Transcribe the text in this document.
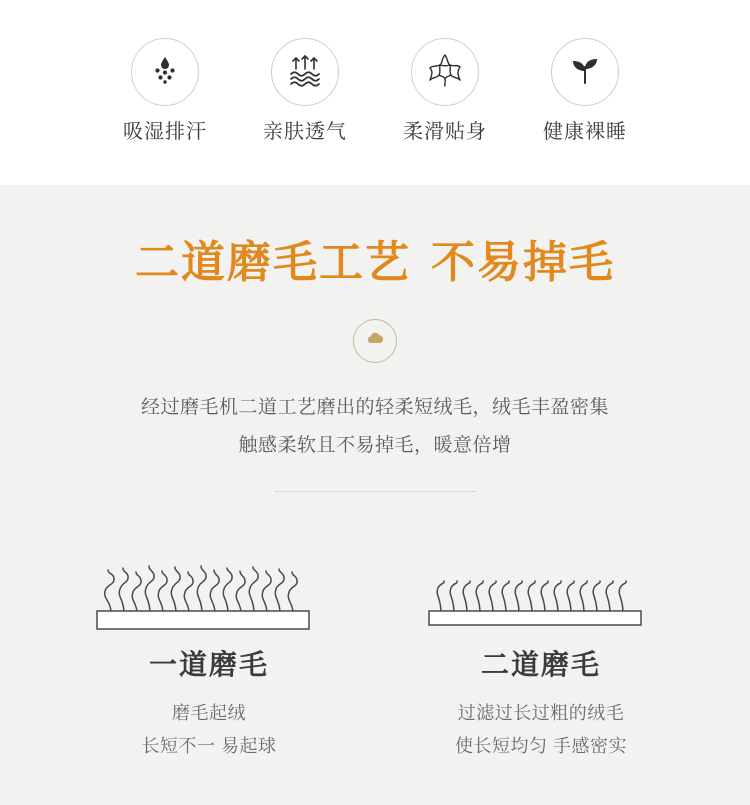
吸湿排汗	亲肤透气	柔滑贴身	健康裸睡
二道磨毛工艺 不易掉毛
经过磨毛机二道工艺磨出的轻柔短绒毛，绒毛丰盈密集
触感柔软且不易掉毛，暖意倍增
一道磨毛
磨毛起绒
长短不一 易起球
二道磨毛
过滤过长过粗的绒毛
使长短均匀 手感密实
